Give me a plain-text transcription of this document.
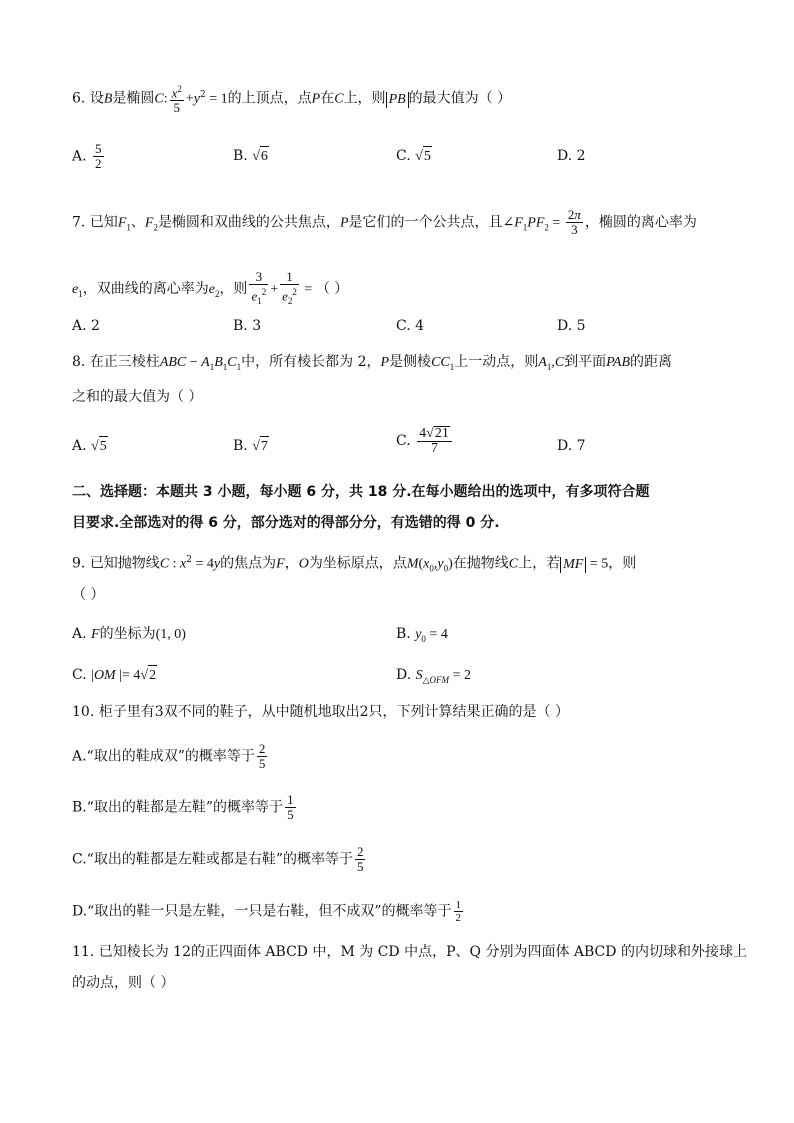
6. 设B是椭圆C: $\frac{x^2}{5} +y^2 = 1$的上顶点，点P在C上，则 PB 的最大值为（ ）
A. $\frac{5}{2}$	B. √6	C. √5	D. 2
7. 已知$F_1$、$F_2$是椭圆和双曲线的公共焦点，P是它们的一个公共点，且$\angle F_1PF_2 = \frac{2\pi}{3}$ ，椭圆的离心率为
$e_1$，双曲线的离心率为$e_2$，则 $\frac{3}{e_1^2} + \frac{1}{e_2^2}$ = （ ）
A. 2	B. 3	C. 4	D. 5
8. 在正三棱柱ABC − $A_1B_1C_1$中，所有棱长都为 2，P是侧棱$CC_1$上一动点，则$A_1,C$到平面PAB的距离
之和的最大值为（ ）
A. √5	B. √7	C. $\frac{4√21}{7}$	D. 7
二、选择题：本题共 3 小题，每小题 6 分，共 18 分.在每小题给出的选项中，有多项符合题
目要求.全部选对的得 6 分，部分选对的得部分分，有选错的得 0 分.
9. 已知抛物线C : $x^2 = 4y$的焦点为F，O为坐标原点，点$M(x_0,y_0)$在抛物线C上，若 MF = 5，则
（ ）
A. F的坐标为(1, 0)	B. $y_0 = 4$
C. |OM |= 4√2	D. $S_{\triangle OFM} = 2$
10. 柜子里有3双不同的鞋子，从中随机地取出2只，下列计算结果正确的是（ ）
A.“取出的鞋成双”的概率等于 $\frac{2}{5}$
B.“取出的鞋都是左鞋”的概率等于 $\frac{1}{5}$
C.“取出的鞋都是左鞋或都是右鞋”的概率等于 $\frac{2}{5}$
D.“取出的鞋一只是左鞋，一只是右鞋，但不成双”的概率等于 $\frac{1}{2}$
11. 已知棱长为 12的正四面体 ABCD 中，M 为 CD 中点，P、Q 分别为四面体 ABCD 的内切球和外接球上
的动点，则（ ）
